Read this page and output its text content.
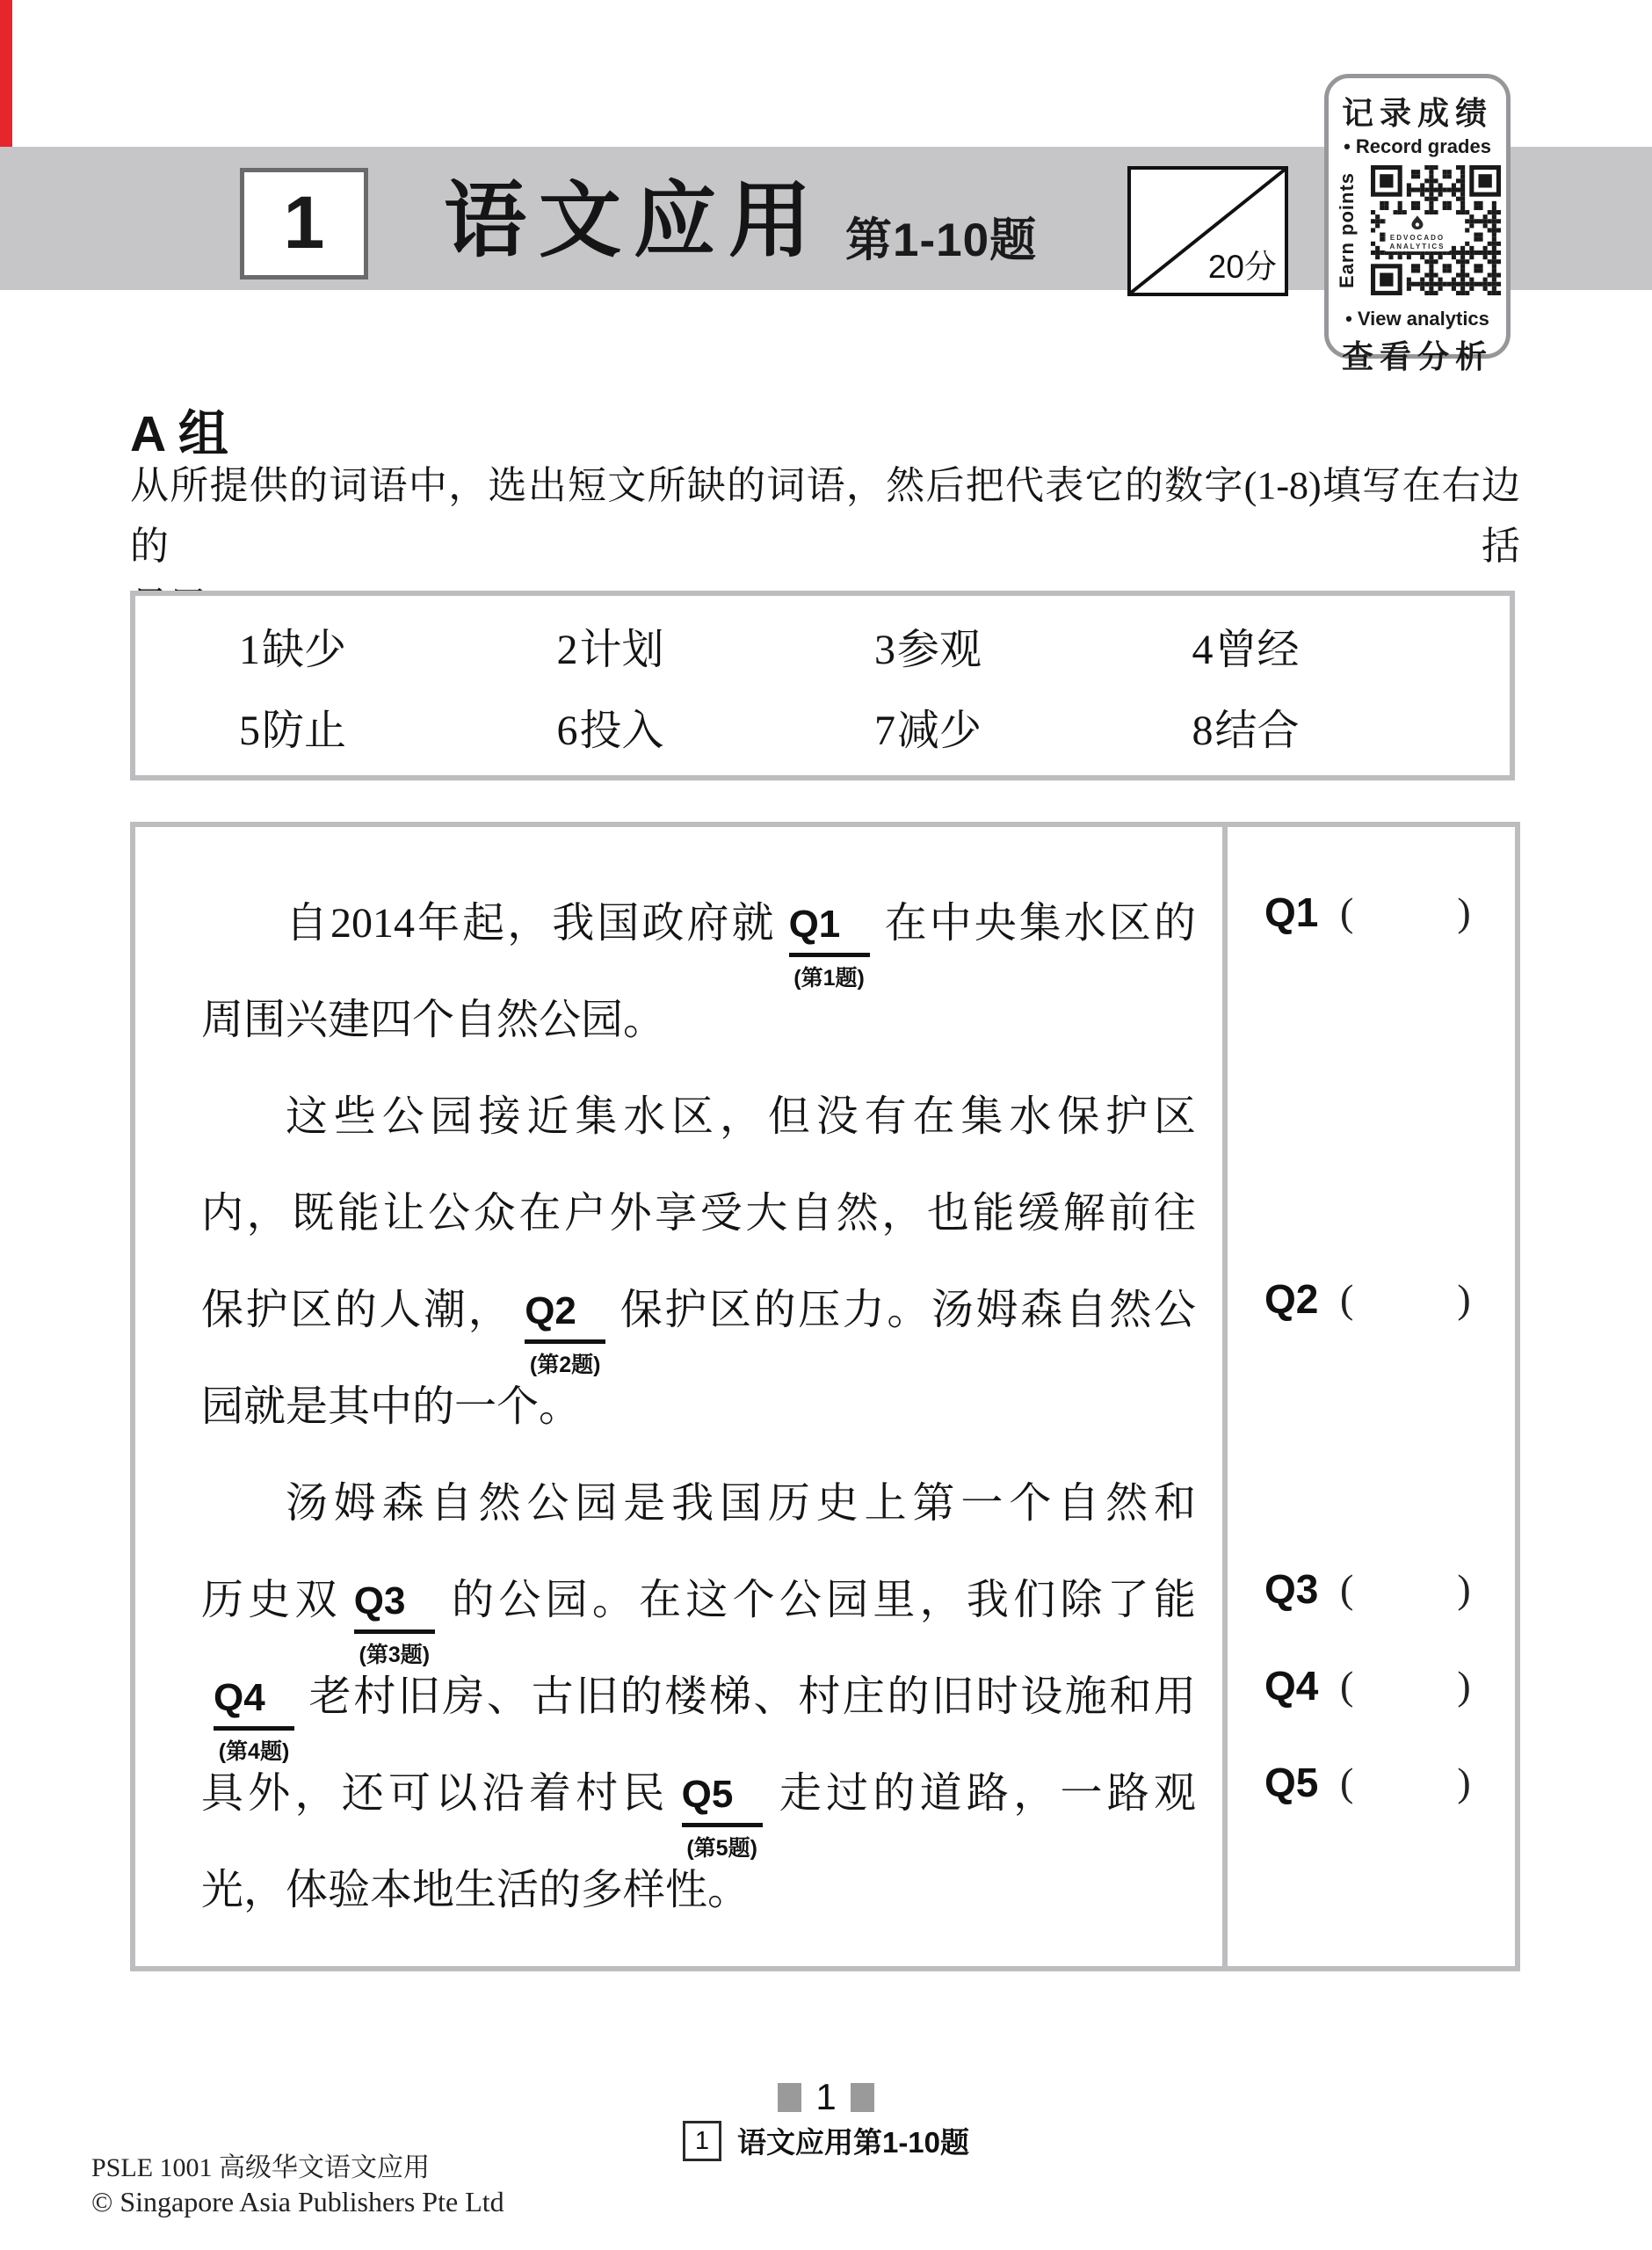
1	语文应用 第1-10题
20分
记录成绩
• Record grades
Earn points	EDVOCADO
ANALYTICS
• View analytics
查看分析
A 组
从所提供的词语中，选出短文所缺的词语，然后把代表它的数字(1-8)填写在右边的括
1缺少	2计划	3参观	4曾经
5防止	6投入	7减少	8结合
自2014年起，我国政府就 Q1
(第1题)
在中央集水区的
周围兴建四个自然公园。
这些公园接近集水区，但没有在集水保护区
内，既能让公众在户外享受大自然，也能缓解前往
保护区的人潮， Q2
(第2题)
保护区的压力。汤姆森自然公
园就是其中的一个。
汤姆森自然公园是我国历史上第一个自然和
历史双 Q3
(第3题)
的公园。在这个公园里，我们除了能
Q4
(第4题)
老村旧房、古旧的楼梯、村庄的旧时设施和用
具外，还可以沿着村民 Q5
(第5题)
走过的道路，一路观
光，体验本地生活的多样性。
Q1 (	)
Q2 (	)
Q3 (	)
Q4 (	)
Q5 (	)
1
1 语文应用第1-10题
PSLE 1001 高级华文语文应用
© Singapore Asia Publishers Pte Ltd
